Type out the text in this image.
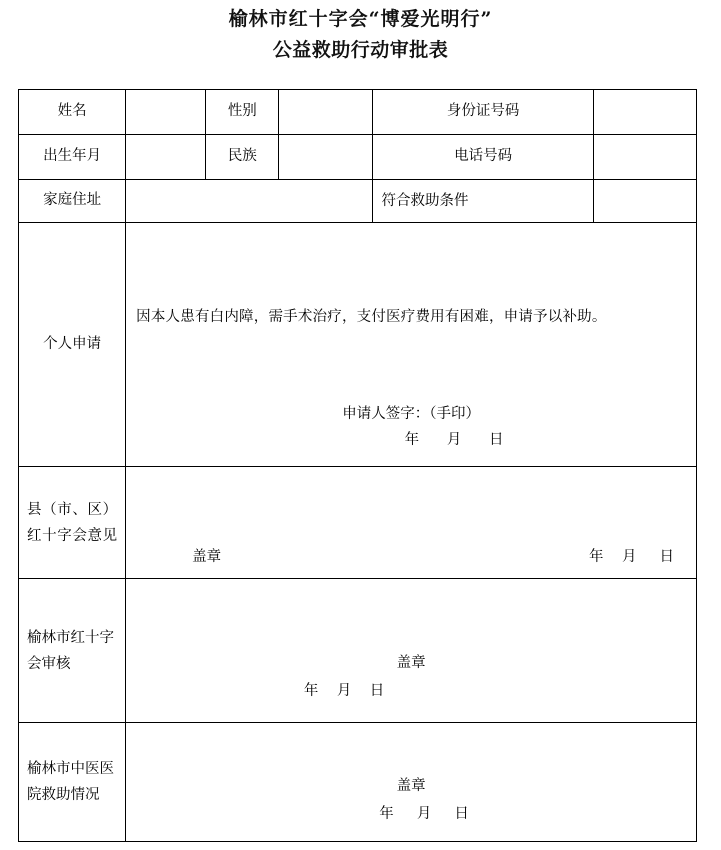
榆林市红十字会“博爱光明行”
公益救助行动审批表
姓名		性别		身份证号码	
出生年月		民族		电话号码	
家庭住址				符合救助条件	
个人申请	因本人患有白内障，需手术治疗，支付医疗费用有困难，申请予以补助。
申请人签字：（手印）
年      月      日				

县（市、区）红十字会意见	盖章 年    月     日				

榆林市红十字会审核	盖章
年    月    日				

榆林市中医医院救助情况	盖章
年     月     日				
